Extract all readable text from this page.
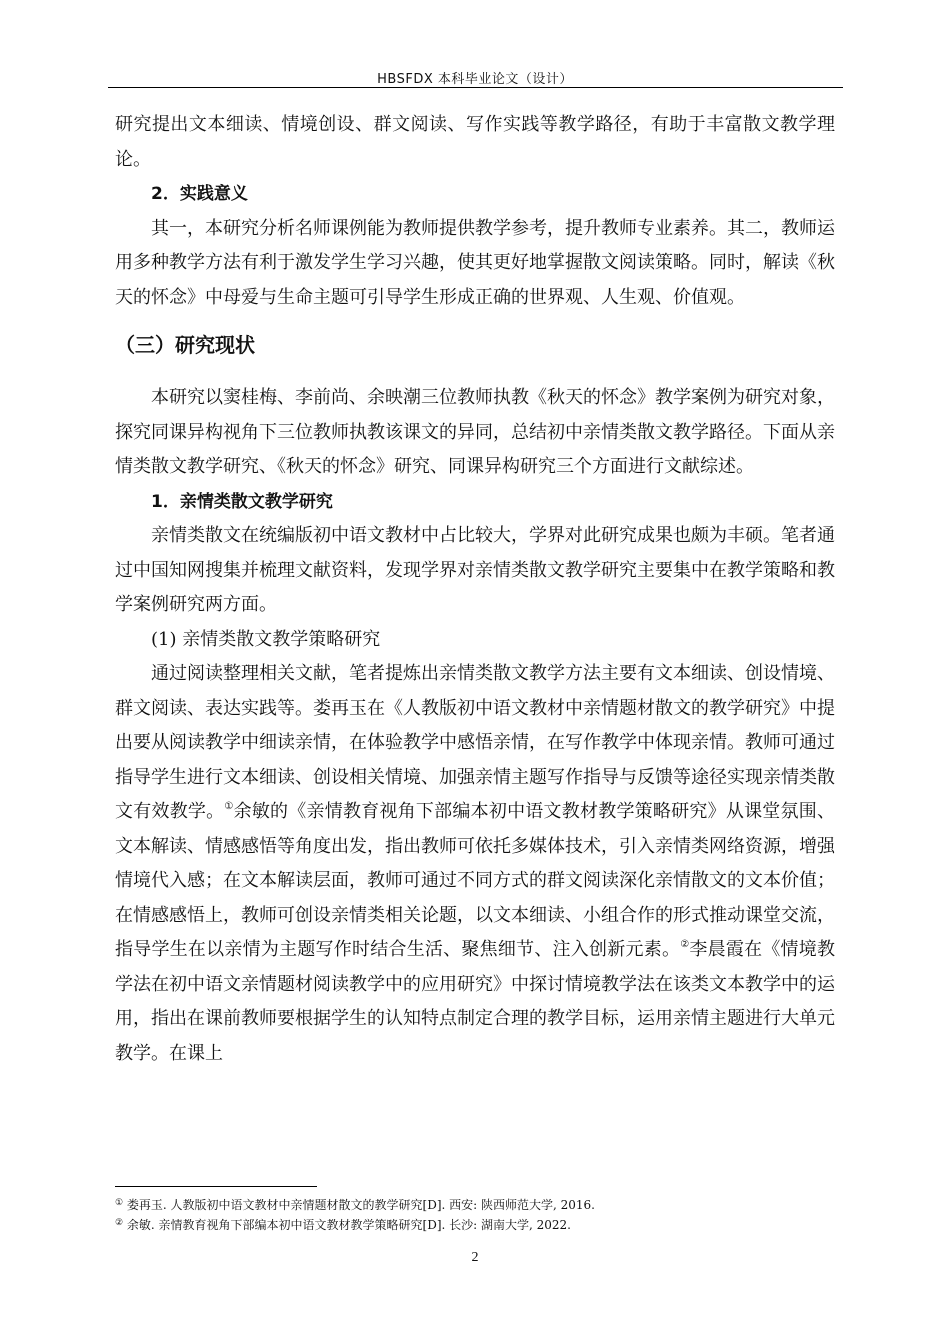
HBSFDX 本科毕业论文（设计）

研究提出文本细读、情境创设、群文阅读、写作实践等教学路径，有助于丰富散文教学理论。

2．实践意义

其一，本研究分析名师课例能为教师提供教学参考，提升教师专业素养。其二，教师运用多种教学方法有利于激发学生学习兴趣，使其更好地掌握散文阅读策略。同时，解读《秋天的怀念》中母爱与生命主题可引导学生形成正确的世界观、人生观、价值观。

（三）研究现状

本研究以窦桂梅、李前尚、余映潮三位教师执教《秋天的怀念》教学案例为研究对象，探究同课异构视角下三位教师执教该课文的异同，总结初中亲情类散文教学路径。下面从亲情类散文教学研究、《秋天的怀念》研究、同课异构研究三个方面进行文献综述。

1．亲情类散文教学研究

亲情类散文在统编版初中语文教材中占比较大，学界对此研究成果也颇为丰硕。笔者通过中国知网搜集并梳理文献资料，发现学界对亲情类散文教学研究主要集中在教学策略和教学案例研究两方面。

(1) 亲情类散文教学策略研究

通过阅读整理相关文献，笔者提炼出亲情类散文教学方法主要有文本细读、创设情境、群文阅读、表达实践等。娄再玉在《人教版初中语文教材中亲情题材散文的教学研究》中提出要从阅读教学中细读亲情，在体验教学中感悟亲情，在写作教学中体现亲情。教师可通过指导学生进行文本细读、创设相关情境、加强亲情主题写作指导与反馈等途径实现亲情类散文有效教学。①余敏的《亲情教育视角下部编本初中语文教材教学策略研究》从课堂氛围、文本解读、情感感悟等角度出发，指出教师可依托多媒体技术，引入亲情类网络资源，增强情境代入感；在文本解读层面，教师可通过不同方式的群文阅读深化亲情散文的文本价值；在情感感悟上，教师可创设亲情类相关论题，以文本细读、小组合作的形式推动课堂交流，指导学生在以亲情为主题写作时结合生活、聚焦细节、注入创新元素。②李晨霞在《情境教学法在初中语文亲情题材阅读教学中的应用研究》中探讨情境教学法在该类文本教学中的运用，指出在课前教师要根据学生的认知特点制定合理的教学目标，运用亲情主题进行大单元教学。在课上

① 娄再玉. 人教版初中语文教材中亲情题材散文的教学研究[D]. 西安: 陕西师范大学, 2016.
② 余敏. 亲情教育视角下部编本初中语文教材教学策略研究[D]. 长沙: 湖南大学, 2022.
2
